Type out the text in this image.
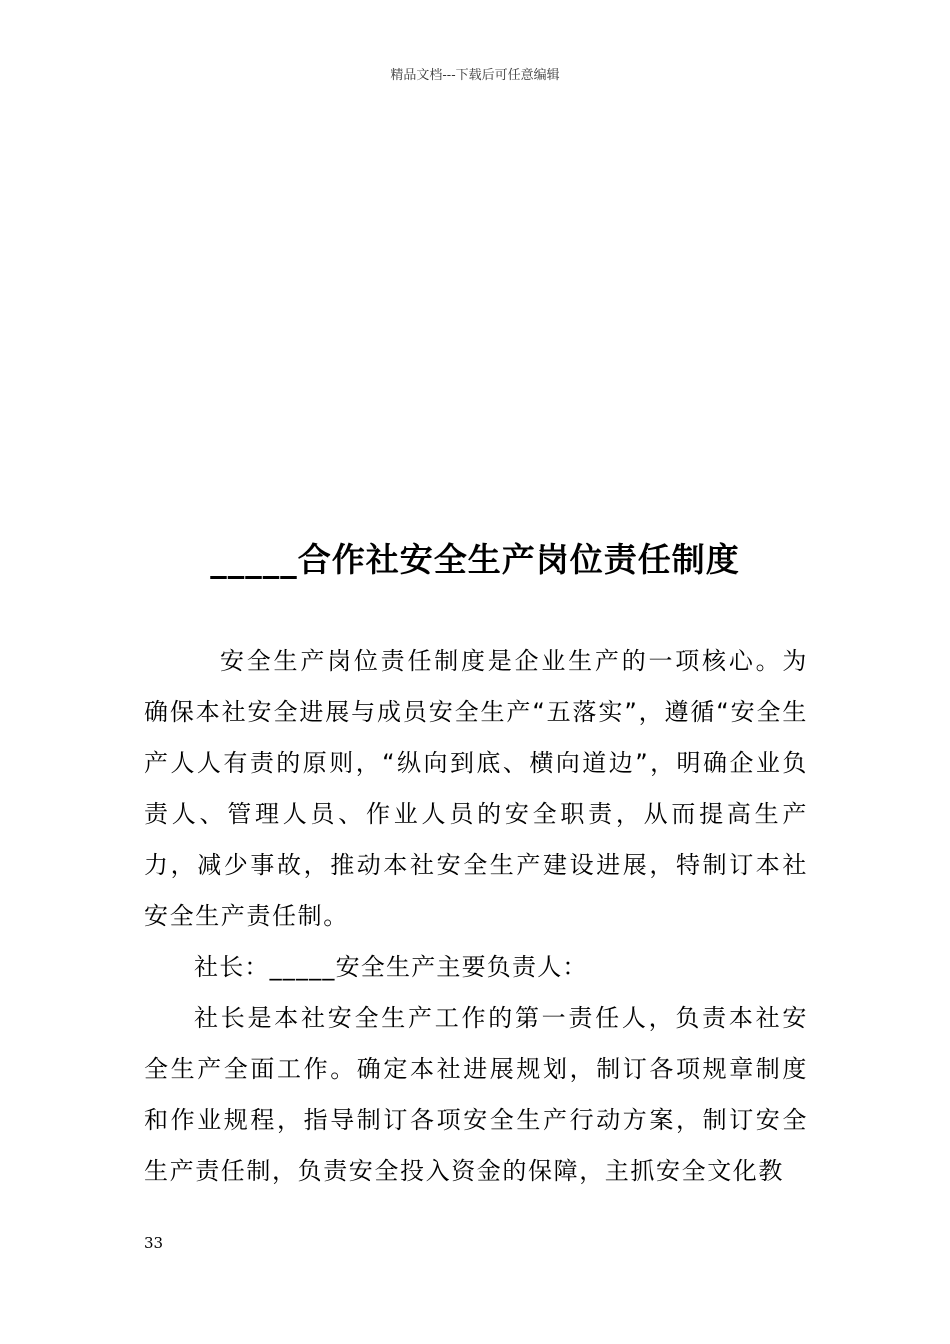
精品文档---下载后可任意编辑
_____合作社安全生产岗位责任制度

安全生产岗位责任制度是企业生产的一项核心。为确保本社安全进展与成员安全生产“五落实”，遵循“安全生产人人有责的原则，“纵向到底、横向道边”，明确企业负责人、管理人员、作业人员的安全职责，从而提高生产力，减少事故，推动本社安全生产建设进展，特制订本社安全生产责任制。

社长：_____安全生产主要负责人：

社长是本社安全生产工作的第一责任人，负责本社安全生产全面工作。确定本社进展规划，制订各项规章制度和作业规程，指导制订各项安全生产行动方案，制订安全生产责任制，负责安全投入资金的保障，主抓安全文化教

33
